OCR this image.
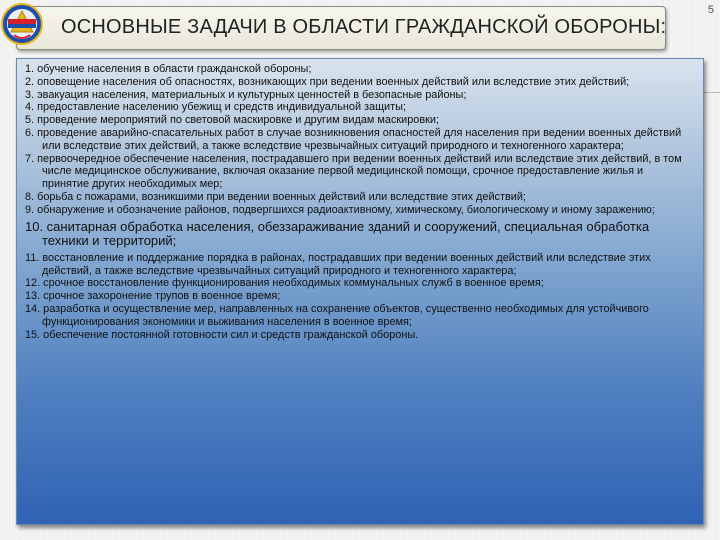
5
ОСНОВНЫЕ ЗАДАЧИ В ОБЛАСТИ ГРАЖДАНСКОЙ ОБОРОНЫ:
1. обучение населения в области гражданской обороны;
2. оповещение населения об опасностях, возникающих при ведении военных действий или вследствие этих действий;
3. эвакуация населения, материальных и культурных ценностей в безопасные районы;
4. предоставление населению убежищ и средств индивидуальной защиты;
5. проведение мероприятий по световой маскировке и другим видам маскировки;
6. проведение аварийно-спасательных работ в случае возникновения опасностей для населения при ведении военных действий или вследствие этих действий, а также вследствие чрезвычайных ситуаций природного и техногенного характера;
7. первоочередное обеспечение населения, пострадавшего при ведении военных действий или вследствие этих действий, в том числе медицинское обслуживание, включая оказание первой медицинской помощи, срочное предоставление жилья и принятие других необходимых мер;
8. борьба с пожарами, возникшими при ведении военных действий или вследствие этих действий;
9. обнаружение и обозначение районов, подвергшихся радиоактивному, химическому, биологическому и иному заражению;
10. санитарная обработка населения, обеззараживание зданий и сооружений, специальная обработка техники и территорий;
11. восстановление и поддержание порядка в районах, пострадавших при ведении военных действий или вследствие этих действий, а также вследствие чрезвычайных ситуаций природного и техногенного характера;
12. срочное восстановление функционирования необходимых коммунальных служб в военное время;
13. срочное захоронение трупов в военное время;
14. разработка и осуществление мер, направленных на сохранение объектов, существенно необходимых для устойчивого функционирования экономики и выживания населения в военное время;
15. обеспечение постоянной готовности сил и средств гражданской обороны.
